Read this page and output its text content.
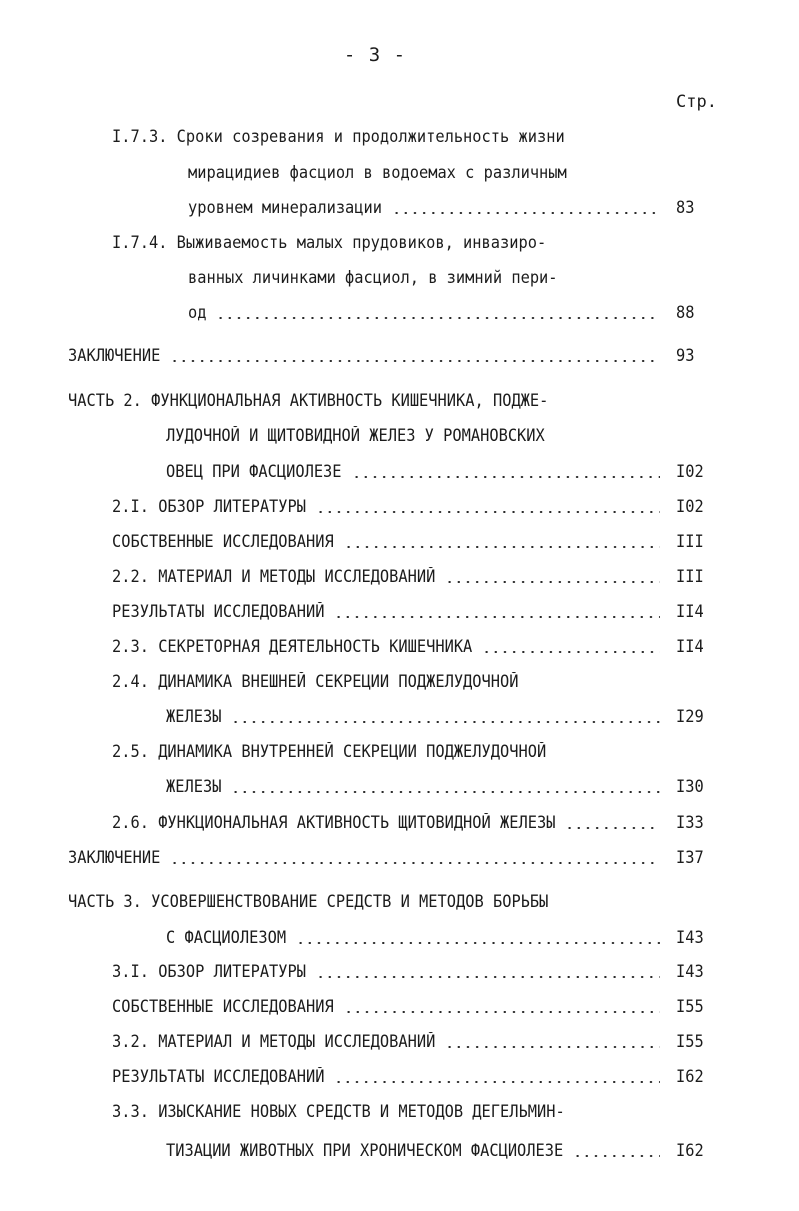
- 3 -
Стр.
I.7.3. Сроки созревания и продолжительность жизни
мирацидиев фасциол в водоемах с различным
уровнем минерализации	83
I.7.4. Выживаемость малых прудовиков, инвазиро-
ванных личинками фасциол, в зимний пери-
од	88
ЗАКЛЮЧЕНИЕ	93
ЧАСТЬ 2. ФУНКЦИОНАЛЬНАЯ АКТИВНОСТЬ КИШЕЧНИКА, ПОДЖЕ-
ЛУДОЧНОЙ И ЩИТОВИДНОЙ ЖЕЛЕЗ У РОМАНОВСКИХ
ОВЕЦ ПРИ ФАСЦИОЛЕЗЕ	I02
2.I. ОБЗОР ЛИТЕРАТУРЫ	I02
СОБСТВЕННЫЕ ИССЛЕДОВАНИЯ	III
2.2. МАТЕРИАЛ И МЕТОДЫ ИССЛЕДОВАНИЙ	III
РЕЗУЛЬТАТЫ ИССЛЕДОВАНИЙ	II4
2.3. СЕКРЕТОРНАЯ ДЕЯТЕЛЬНОСТЬ КИШЕЧНИКА	II4
2.4. ДИНАМИКА ВНЕШНЕЙ СЕКРЕЦИИ ПОДЖЕЛУДОЧНОЙ
ЖЕЛЕЗЫ	I29
2.5. ДИНАМИКА ВНУТРЕННЕЙ СЕКРЕЦИИ ПОДЖЕЛУДОЧНОЙ
ЖЕЛЕЗЫ	I30
2.6. ФУНКЦИОНАЛЬНАЯ АКТИВНОСТЬ ЩИТОВИДНОЙ ЖЕЛЕЗЫ	I33
ЗАКЛЮЧЕНИЕ	I37
ЧАСТЬ 3. УСОВЕРШЕНСТВОВАНИЕ СРЕДСТВ И МЕТОДОВ БОРЬБЫ
С ФАСЦИОЛЕЗОМ	I43
3.I. ОБЗОР ЛИТЕРАТУРЫ	I43
СОБСТВЕННЫЕ ИССЛЕДОВАНИЯ	I55
3.2. МАТЕРИАЛ И МЕТОДЫ ИССЛЕДОВАНИЙ	I55
РЕЗУЛЬТАТЫ ИССЛЕДОВАНИЙ	I62
3.3. ИЗЫСКАНИЕ НОВЫХ СРЕДСТВ И МЕТОДОВ ДЕГЕЛЬМИН-
ТИЗАЦИИ ЖИВОТНЫХ ПРИ ХРОНИЧЕСКОМ ФАСЦИОЛЕЗЕ	I62
